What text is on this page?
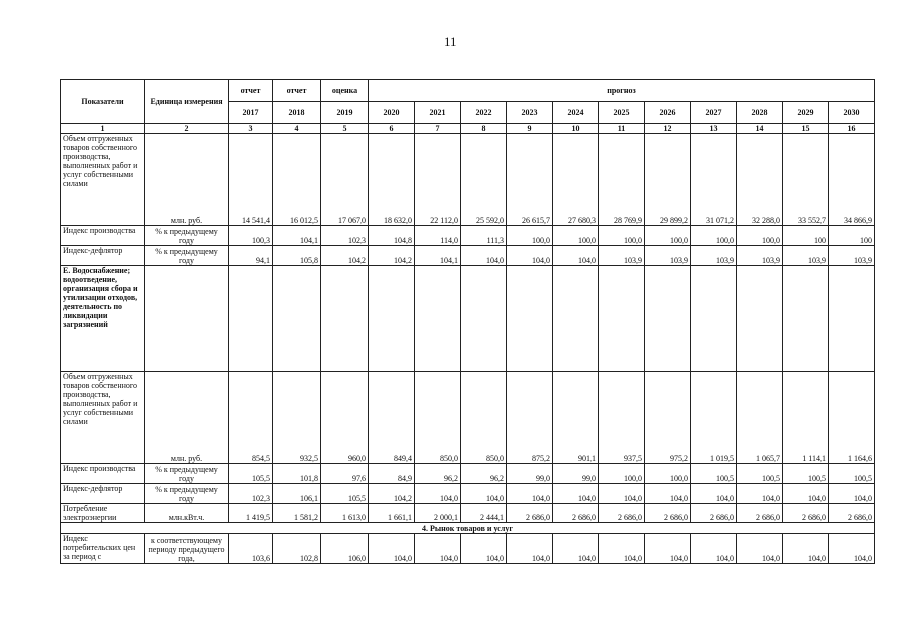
11
Показатели	Единица измерения	отчет	отчет	оценка	прогноз										
		2017	2018	2019	2020	2021	2022	2023	2024	2025	2026	2027	2028	2029	2030
1	2	3	4	5	6	7	8	9	10	11	12	13	14	15	16
Объем отгруженных товаров собственного производства, выполненных работ и услуг собственными силами	млн. руб.	14 541,4	16 012,5	17 067,0	18 632,0	22 112,0	25 592,0	26 615,7	27 680,3	28 769,9	29 899,2	31 071,2	32 288,0	33 552,7	34 866,9
Индекс производства	% к предыдущему году	100,3	104,1	102,3	104,8	114,0	111,3	100,0	100,0	100,0	100,0	100,0	100,0	100	100
Индекс-дефлятор	% к предыдущему году	94,1	105,8	104,2	104,2	104,1	104,0	104,0	104,0	103,9	103,9	103,9	103,9	103,9	103,9
Е. Водоснабжение; водоотведение, организация сбора и утилизации отходов, деятельность по ликвидации загрязнений															
Объем отгруженных товаров собственного производства, выполненных работ и услуг собственными силами	млн. руб.	854,5	932,5	960,0	849,4	850,0	850,0	875,2	901,1	937,5	975,2	1 019,5	1 065,7	1 114,1	1 164,6
Индекс производства	% к предыдущему году	105,5	101,8	97,6	84,9	96,2	96,2	99,0	99,0	100,0	100,0	100,5	100,5	100,5	100,5
Индекс-дефлятор	% к предыдущему году	102,3	106,1	105,5	104,2	104,0	104,0	104,0	104,0	104,0	104,0	104,0	104,0	104,0	104,0
Потребление электроэнергии	млн.кВт.ч.	1 419,5	1 581,2	1 613,0	1 661,1	2 000,1	2 444,1	2 686,0	2 686,0	2 686,0	2 686,0	2 686,0	2 686,0	2 686,0	2 686,0
4. Рынок товаров и услуг															
Индекс потребительских цен за период с	к соответствующему периоду предыдущего года,	103,6	102,8	106,0	104,0	104,0	104,0	104,0	104,0	104,0	104,0	104,0	104,0	104,0	104,0
